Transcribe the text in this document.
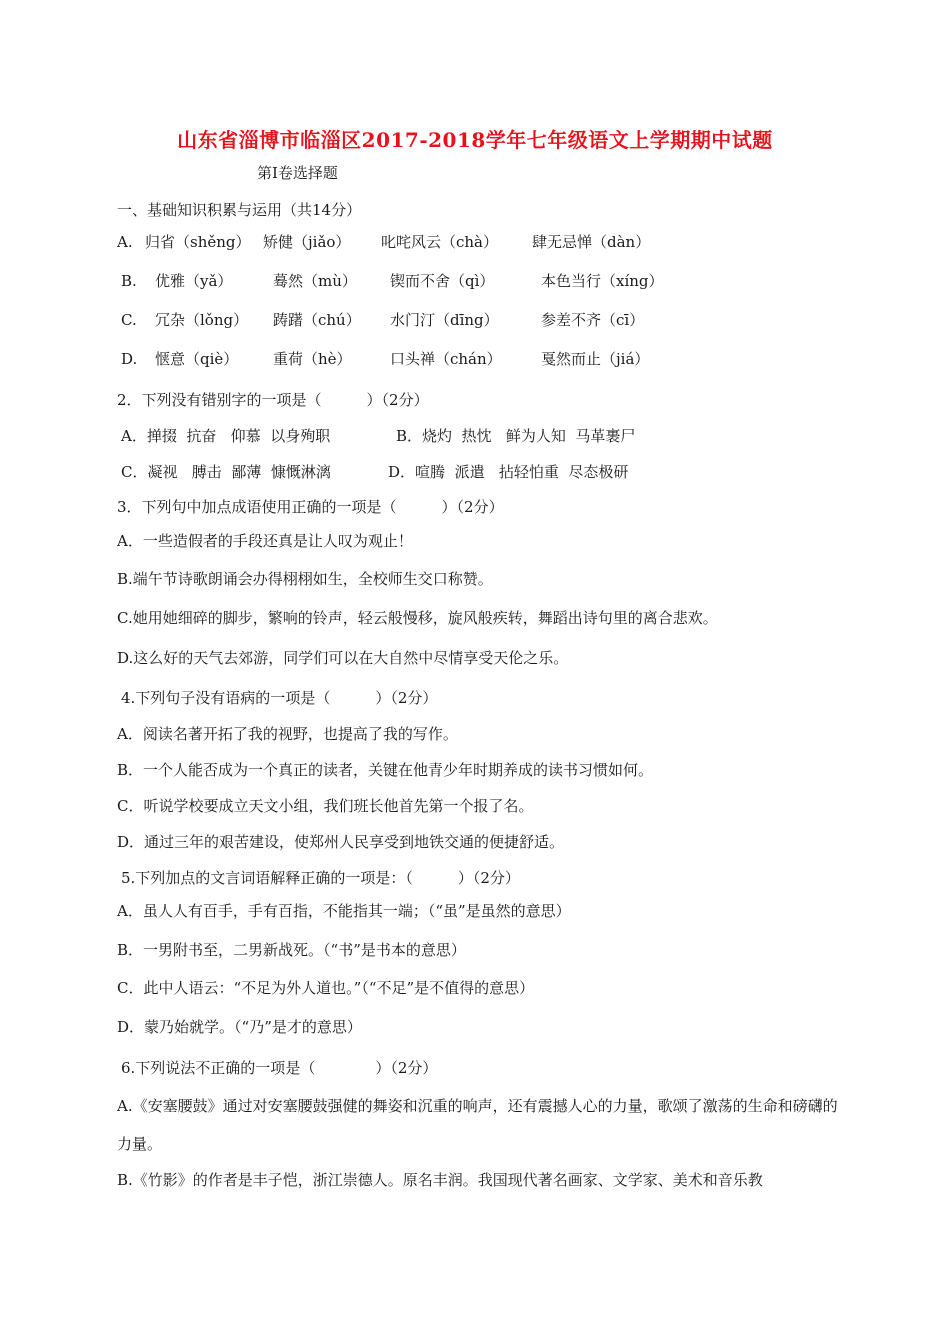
山东省淄博市临淄区2017-2018学年七年级语文上学期期中试题
第Ⅰ卷选择题
一、基础知识积累与运用（共14分）
A. 归省（shěng） 矫健（jiǎo） 叱咤风云（chà） 肆无忌惮（dàn）
B. 优雅（yǎ）	蓦然（mù） 锲而不舍（qì）	本色当行（xíng）
C. 冗杂（lǒng） 踌躇（chú） 水门汀（dīng）	参差不齐（cī）
D. 惬意（qiè） 重荷（hè）	口头禅（chán）	戛然而止（jiá）
2．下列没有错别字的一项是（　　　）（2分）
A．掸掇  抗奋   仰慕  以身殉职	B．烧灼  热忱   鲜为人知  马革裹尸
C．凝视   膊击  鄙薄  慷慨淋漓	D．喧腾  派遣   拈轻怕重  尽态极研
3．下列句中加点成语使用正确的一项是（　　　）（2分）
A．一些造假者的手段还真是让人叹为观止！
B.端午节诗歌朗诵会办得栩栩如生，全校师生交口称赞。
C.她用她细碎的脚步，繁响的铃声，轻云般慢移，旋风般疾转，舞蹈出诗句里的离合悲欢。
D.这么好的天气去郊游，同学们可以在大自然中尽情享受天伦之乐。
4.下列句子没有语病的一项是（　　　）（2分）
A．阅读名著开拓了我的视野，也提高了我的写作。
B．一个人能否成为一个真正的读者，关键在他青少年时期养成的读书习惯如何。
C．听说学校要成立天文小组，我们班长他首先第一个报了名。
D．通过三年的艰苦建设，使郑州人民享受到地铁交通的便捷舒适。
5.下列加点的文言词语解释正确的一项是：（　　　）（2分）
A．虽人人有百手，手有百指，不能指其一端；（“虽”是虽然的意思）
B．一男附书至，二男新战死。（“书”是书本的意思）
C．此中人语云：“不足为外人道也。”（“不足”是不值得的意思）
D．蒙乃始就学。（“乃”是才的意思）
6.下列说法不正确的一项是（　　　　）（2分）
A.《安塞腰鼓》通过对安塞腰鼓强健的舞姿和沉重的响声，还有震撼人心的力量，歌颂了激荡的生命和磅礴的力量。
B.《竹影》的作者是丰子恺，浙江崇德人。原名丰润。我国现代著名画家、文学家、美术和音乐教
